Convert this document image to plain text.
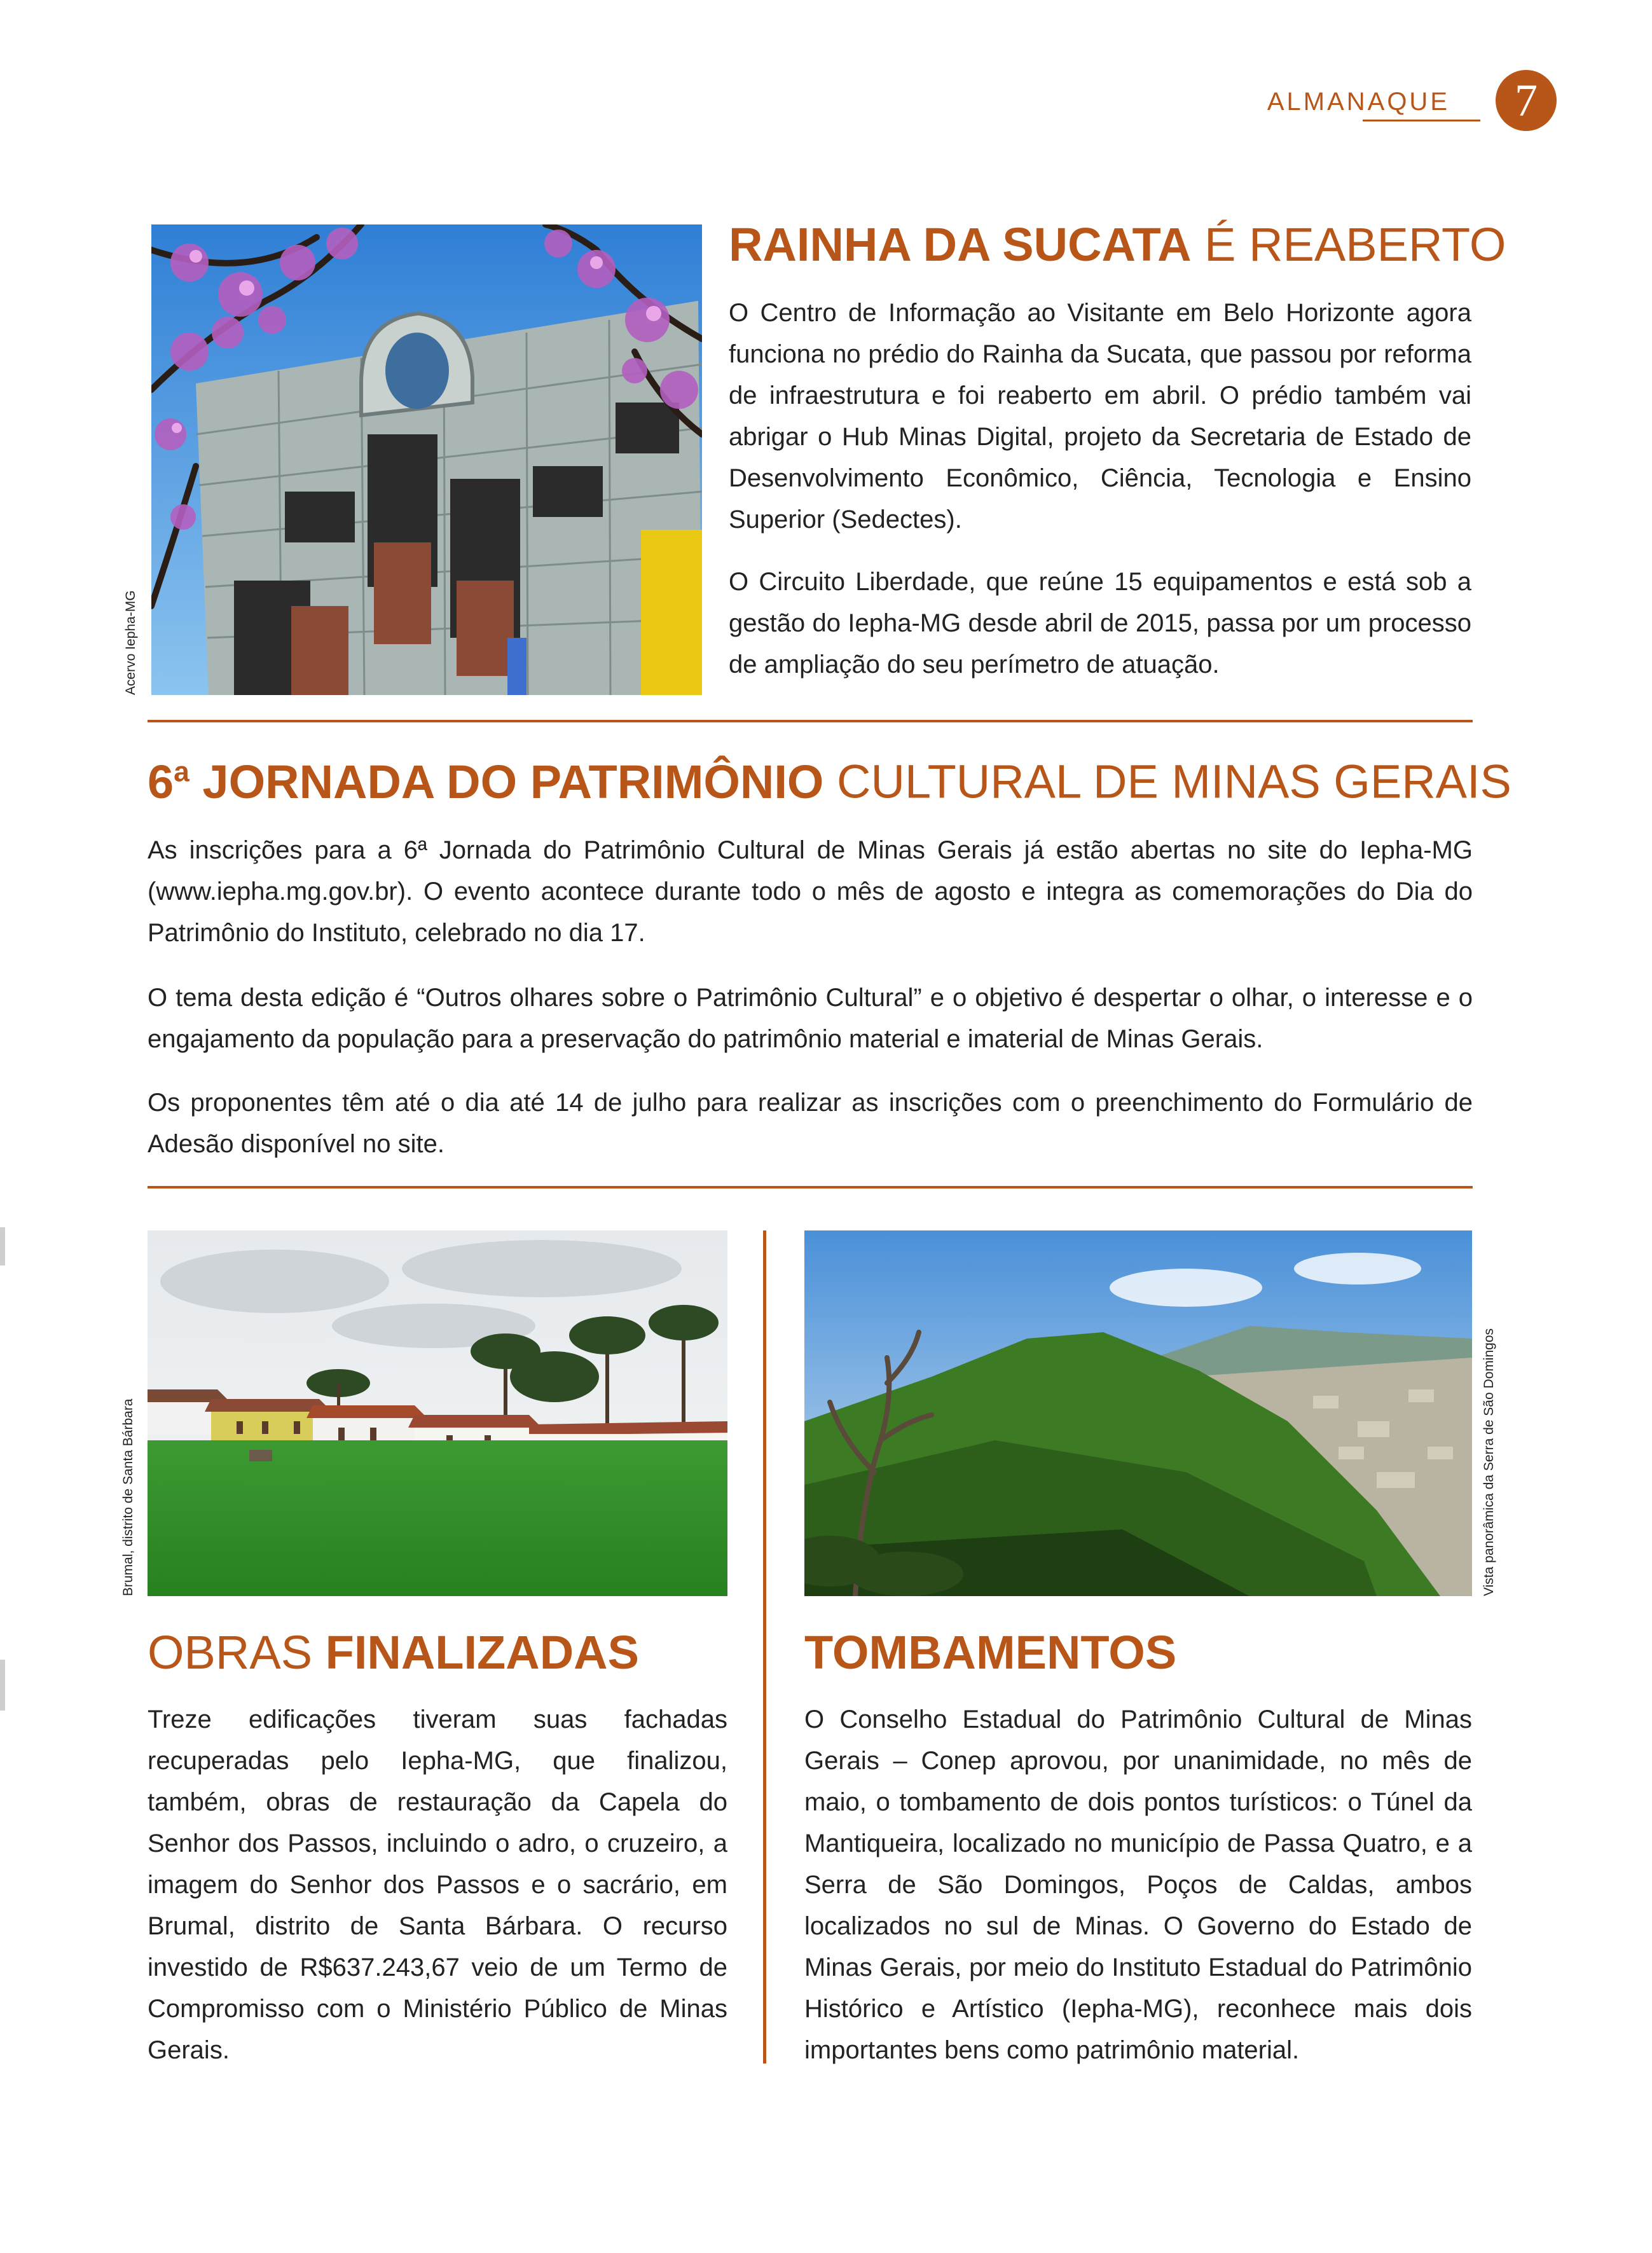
ALMANAQUE	7
Acervo Iepha-MG
RAINHA DA SUCATA É REABERTO
O Centro de Informação ao Visitante em Belo Horizonte agora funciona no prédio do Rainha da Sucata, que passou por reforma de infraestrutura e foi reaberto em abril. O prédio também vai abrigar o Hub Minas Digital, projeto da Secretaria de Estado de Desenvolvimento Econômico, Ciência, Tecnologia e Ensino Superior (Sedectes).
O Circuito Liberdade, que reúne 15 equipamentos e está sob a gestão do Iepha-MG desde abril de 2015, passa por um processo de ampliação do seu perímetro de atuação.
6$^a$ JORNADA DO PATRIMÔNIO CULTURAL DE MINAS GERAIS
As inscrições para a 6ª Jornada do Patrimônio Cultural de Minas Gerais já estão abertas no site do Iepha-MG (www.iepha.mg.gov.br). O evento acontece durante todo o mês de agosto e integra as comemorações do Dia do Patrimônio do Instituto, celebrado no dia 17.
O tema desta edição é “Outros olhares sobre o Patrimônio Cultural” e o objetivo é despertar o olhar, o interesse e o engajamento da população para a preservação do patrimônio material e imaterial de Minas Gerais.
Os proponentes têm até o dia até 14 de julho para realizar as inscrições com o preenchimento do Formulário de Adesão disponível no site.
Brumal, distrito de Santa Bárbara	Vista panorâmica da Serra de São Domingos
OBRAS FINALIZADAS
Treze edificações tiveram suas fachadas recuperadas pelo Iepha-MG, que finalizou, também, obras de restauração da Capela do Senhor dos Passos, incluindo o adro, o cruzeiro, a imagem do Senhor dos Passos e o sacrário, em Brumal, distrito de Santa Bárbara. O recurso investido de R$637.243,67 veio de um Termo de Compromisso com o Ministério Público de Minas Gerais.
TOMBAMENTOS
O Conselho Estadual do Patrimônio Cultural de Minas Gerais – Conep aprovou, por unanimidade, no mês de maio, o tombamento de dois pontos turísticos: o Túnel da Mantiqueira, localizado no município de Passa Quatro, e a Serra de São Domingos, Poços de Caldas, ambos localizados no sul de Minas. O Governo do Estado de Minas Gerais, por meio do Instituto Estadual do Patrimônio Histórico e Artístico (Iepha-MG), reconhece mais dois importantes bens como patrimônio material.
